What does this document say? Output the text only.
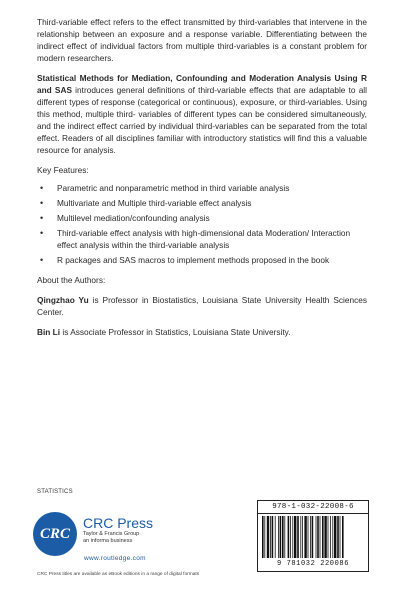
Third-variable effect refers to the effect transmitted by third-variables that intervene in the relationship between an exposure and a response variable. Differentiating between the indirect effect of individual factors from multiple third-variables is a constant problem for modern researchers.

Statistical Methods for Mediation, Confounding and Moderation Analysis Using R and SAS introduces general definitions of third-variable effects that are adaptable to all different types of response (categorical or continuous), exposure, or third-variables. Using this method, multiple third- variables of different types can be considered simultaneously, and the indirect effect carried by individual third-variables can be separated from the total effect. Readers of all disciplines familiar with introductory statistics will find this a valuable resource for analysis.

Key Features:
• Parametric and nonparametric method in third variable analysis
• Multivariate and Multiple third-variable effect analysis
• Multilevel mediation/confounding analysis
• Third-variable effect analysis with high-dimensional data Moderation/ Interaction effect analysis within the third-variable analysis
• R packages and SAS macros to implement methods proposed in the book
About the Authors:

Qingzhao Yu is Professor in Biostatistics, Louisiana State University Health Sciences Center.

Bin Li is Associate Professor in Statistics, Louisiana State University.

STATISTICS
CRC
CRC Press
Taylor & Francis Group
an informa business
www.routledge.com
CRC Press titles are available as eBook editions in a range of digital formats
978-1-032-22008-6
9 781032 220086
